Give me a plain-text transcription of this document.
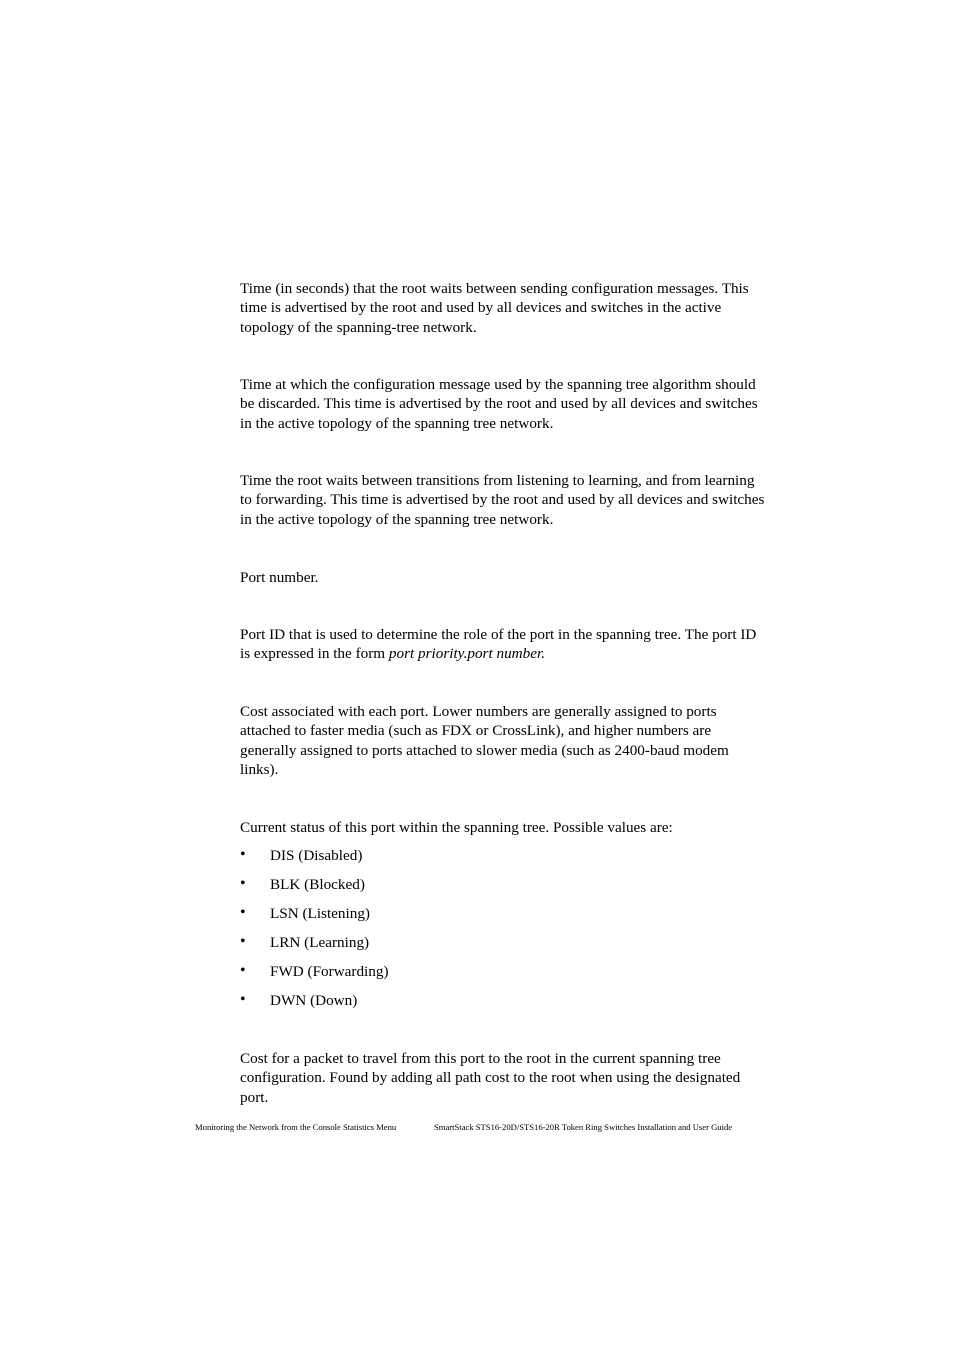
Time (in seconds) that the root waits between sending configuration messages. This time is advertised by the root and used by all devices and switches in the active topology of the spanning-tree network.

Time at which the configuration message used by the spanning tree algorithm should be discarded. This time is advertised by the root and used by all devices and switches in the active topology of the spanning tree network.

Time the root waits between transitions from listening to learning, and from learning to forwarding. This time is advertised by the root and used by all devices and switches in the active topology of the spanning tree network.

Port number.

Port ID that is used to determine the role of the port in the spanning tree. The port ID is expressed in the form port priority.port number.

Cost associated with each port. Lower numbers are generally assigned to ports attached to faster media (such as FDX or CrossLink), and higher numbers are generally assigned to ports attached to slower media (such as 2400-baud modem links).

Current status of this port within the spanning tree. Possible values are:

• DIS (Disabled)
• BLK (Blocked)
• LSN (Listening)
• LRN (Learning)
• FWD (Forwarding)
• DWN (Down)

Cost for a packet to travel from this port to the root in the current spanning tree configuration. Found by adding all path cost to the root when using the designated port.

Monitoring the Network from the Console Statistics Menu	SmartStack STS16-20D/STS16-20R Token Ring Switches Installation and User Guide
